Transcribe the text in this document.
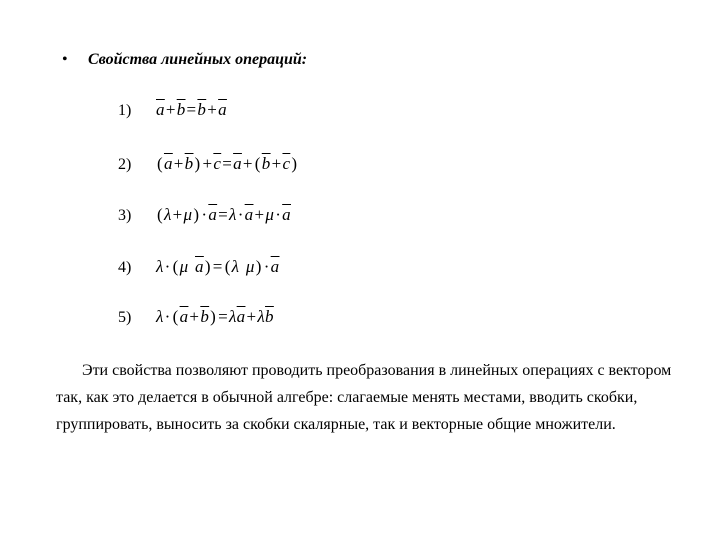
• Свойства линейных операций:
1) $\overline{a}+\overline{b}=\overline{b}+\overline{a}$
2) $(\overline{a}+\overline{b}) +\overline{c}=\overline{a}+ (\overline{b}+\overline{c})$
3) $(\lambda+\mu) \cdot\overline{a}=\lambda\cdot\overline{a}+\mu\cdot\overline{a}$
4) λ· (μ $\overline{a}) = (\lambda$ $\mu) \cdot\overline{a}$
5) $\lambda\cdot (\overline{a}+\overline{b}) =\lambda\overline{a}+\lambda\overline{b}$
Эти свойства позволяют проводить преобразования в линейных операциях с вектором так, как это делается в обычной алгебре: слагаемые менять местами, вводить скобки, группировать, выносить за скобки скалярные, так и векторные общие множители.
